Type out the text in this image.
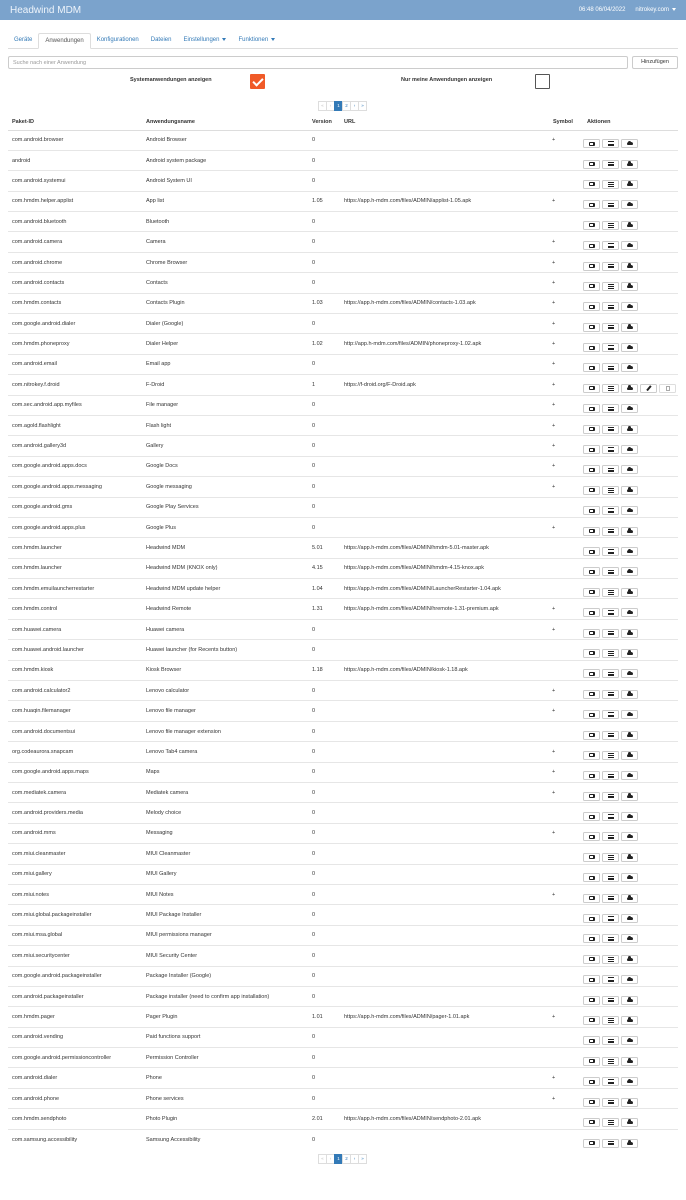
Headwind MDM	06:48 06/04/2022 nitrokey.com
Geräte	Anwendungen	Konfigurationen	Dateien	Einstellungen	Funktionen
Suche nach einer Anwendung
Hinzufügen
Systemanwendungen anzeigen	Nur meine Anwendungen anzeigen
«	‹	1	2	›	»
Paket-ID	Anwendungsname	Version	URL	Symbol	Aktionen
com.android.browser	Android Browser	0		+	

android	Android system package	0			

com.android.systemui	Android System UI	0			

com.hmdm.helper.applist	App list	1.05	https://app.h-mdm.com/files/ADMIN/applist-1.05.apk	+	

com.android.bluetooth	Bluetooth	0			

com.android.camera	Camera	0		+	

com.android.chrome	Chrome Browser	0		+	

com.android.contacts	Contacts	0		+	

com.hmdm.contacts	Contacts Plugin	1.03	https://app.h-mdm.com/files/ADMIN/contacts-1.03.apk	+	

com.google.android.dialer	Dialer (Google)	0		+	

com.hmdm.phoneproxy	Dialer Helper	1.02	http://app.h-mdm.com/files/ADMIN/phoneproxy-1.02.apk	+	

com.android.email	Email app	0		+	

com.nitrokey.f.droid	F-Droid	1	https://f-droid.org/F-Droid.apk	+	

com.sec.android.app.myfiles	File manager	0		+	

com.agold.flashlight	Flash light	0		+	

com.android.gallery3d	Gallery	0		+	

com.google.android.apps.docs	Google Docs	0		+	

com.google.android.apps.messaging	Google messaging	0		+	

com.google.android.gms	Google Play Services	0			

com.google.android.apps.plus	Google Plus	0		+	

com.hmdm.launcher	Headwind MDM	5.01	https://app.h-mdm.com/files/ADMIN/hmdm-5.01-master.apk		

com.hmdm.launcher	Headwind MDM (KNOX only)	4.15	https://app.h-mdm.com/files/ADMIN/hmdm-4.15-knox.apk		

com.hmdm.emuilauncherrestarter	Headwind MDM update helper	1.04	https://app.h-mdm.com/files/ADMIN/LauncherRestarter-1.04.apk		

com.hmdm.control	Headwind Remote	1.31	https://app.h-mdm.com/files/ADMIN/hremote-1.31-premium.apk	+	

com.huawei.camera	Huawei camera	0		+	

com.huawei.android.launcher	Huawei launcher (for Recents button)	0			

com.hmdm.kiosk	Kiosk Browser	1.18	https://app.h-mdm.com/files/ADMIN/kiosk-1.18.apk		

com.android.calculator2	Lenovo calculator	0		+	

com.huaqin.filemanager	Lenovo file manager	0		+	

com.android.documentsui	Lenovo file manager extension	0			

org.codeaurora.snapcam	Lenovo Tab4 camera	0		+	

com.google.android.apps.maps	Maps	0		+	

com.mediatek.camera	Mediatek camera	0		+	

com.android.providers.media	Melody choice	0			

com.android.mms	Messaging	0		+	

com.miui.cleanmaster	MIUI Cleanmaster	0			

com.miui.gallery	MIUI Gallery	0			

com.miui.notes	MIUI Notes	0		+	

com.miui.global.packageinstaller	MIUI Package Installer	0			

com.miui.msa.global	MIUI permissions manager	0			

com.miui.securitycenter	MIUI Security Center	0			

com.google.android.packageinstaller	Package Installer (Google)	0			

com.android.packageinstaller	Package installer (need to confirm app installation)	0			

com.hmdm.pager	Pager Plugin	1.01	https://app.h-mdm.com/files/ADMIN/pager-1.01.apk	+	

com.android.vending	Paid functions support	0			

com.google.android.permissioncontroller	Permission Controller	0			

com.android.dialer	Phone	0		+	

com.android.phone	Phone services	0		+	

com.hmdm.sendphoto	Photo Plugin	2.01	https://app.h-mdm.com/files/ADMIN/sendphoto-2.01.apk		

com.samsung.accessibility	Samsung Accessibility	0			
«	‹	1	2	›	»
